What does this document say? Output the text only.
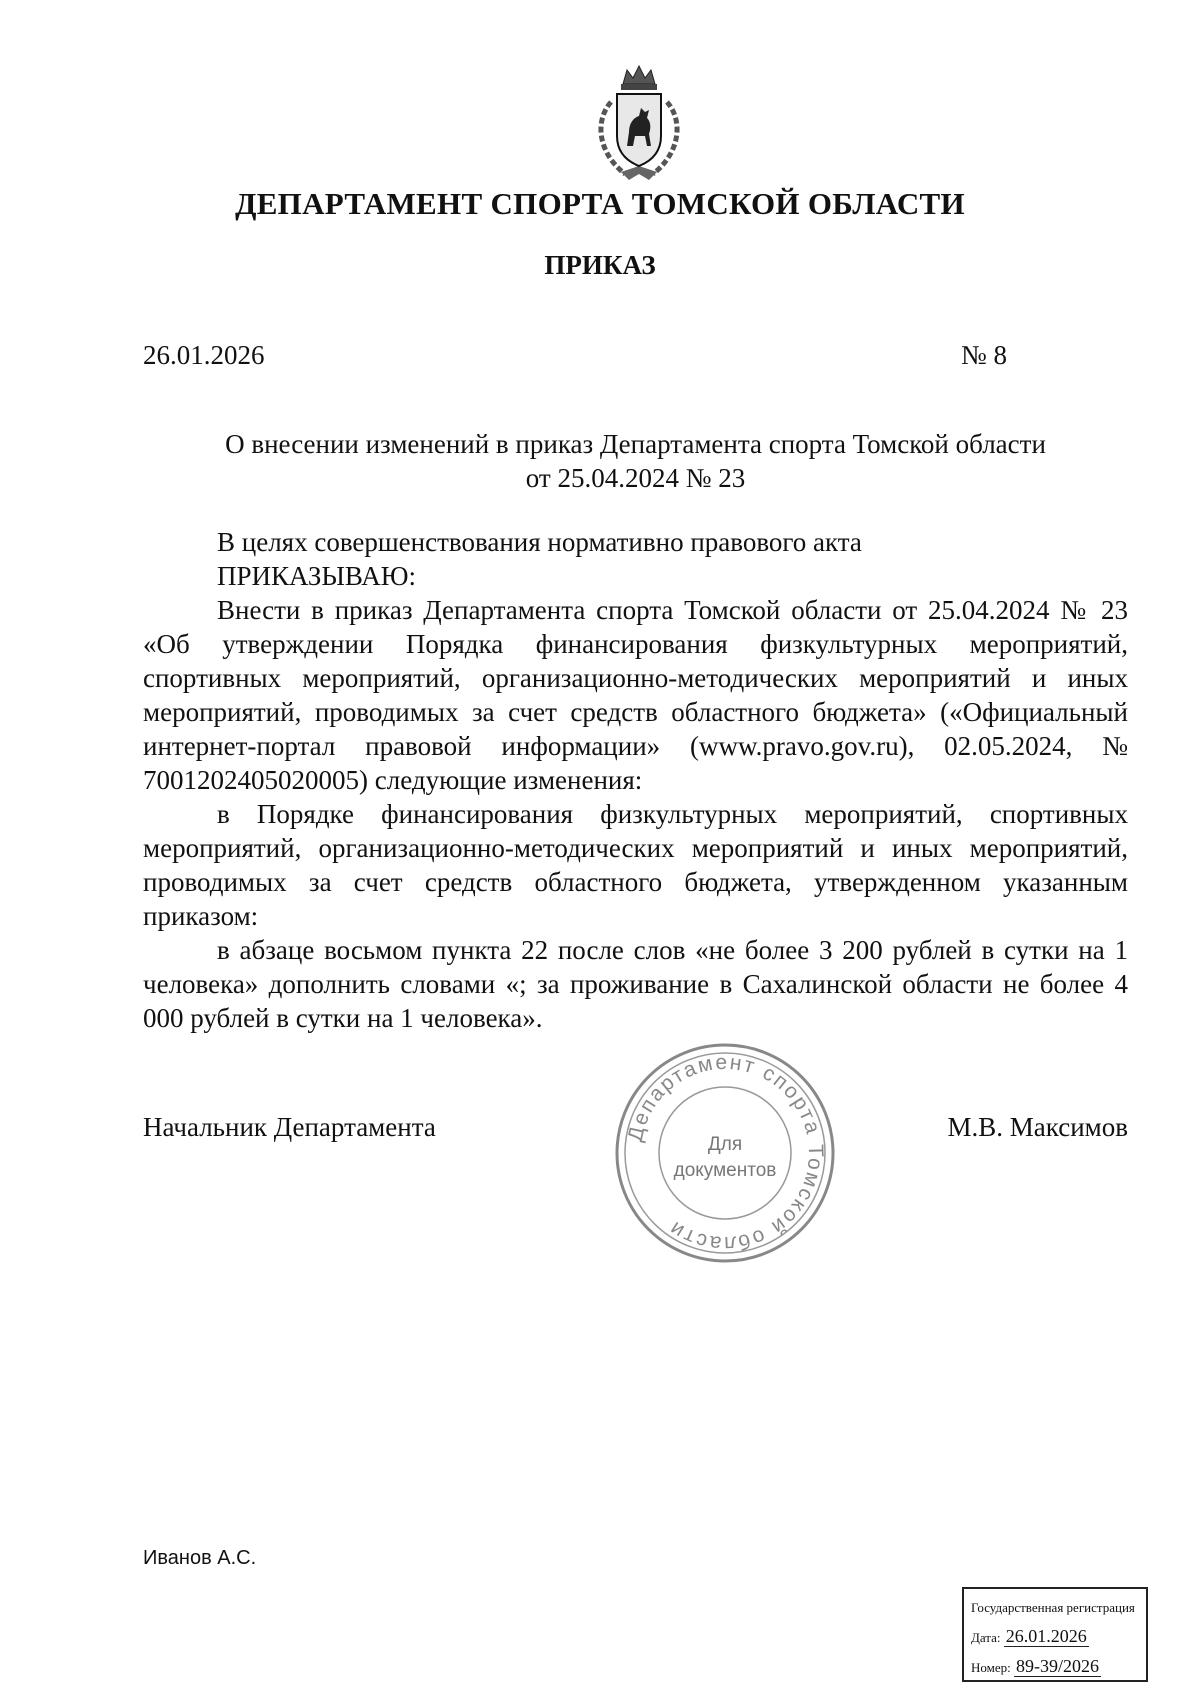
ДЕПАРТАМЕНТ СПОРТА ТОМСКОЙ ОБЛАСТИ
ПРИКАЗ
26.01.2026	№ 8
О внесении изменений в приказ Департамента спорта Томской области
от 25.04.2024 № 23

В целях совершенствования нормативно правового акта

ПРИКАЗЫВАЮ:

Внести в приказ Департамента спорта Томской области от 25.04.2024 № 23 «Об утверждении Порядка финансирования физкультурных мероприятий, спортивных мероприятий, организационно-методических мероприятий и иных мероприятий, проводимых за счет средств областного бюджета» («Официальный интернет-портал правовой информации» (www.pravo.gov.ru), 02.05.2024, № 7001202405020005) следующие изменения:

в Порядке финансирования физкультурных мероприятий, спортивных мероприятий, организационно-методических мероприятий и иных мероприятий, проводимых за счет средств областного бюджета, утвержденном указанным приказом:

в абзаце восьмом пункта 22 после слов «не более 3 200 рублей в сутки на 1 человека» дополнить словами «; за проживание в Сахалинской области не более 4 000 рублей в сутки на 1 человека».

Начальник Департамента	Департамент спорта Томской области
Для
документов
М.В. Максимов
Иванов А.С.
Государственная регистрация
Дата: 26.01.2026
Номер: 89-39/2026
